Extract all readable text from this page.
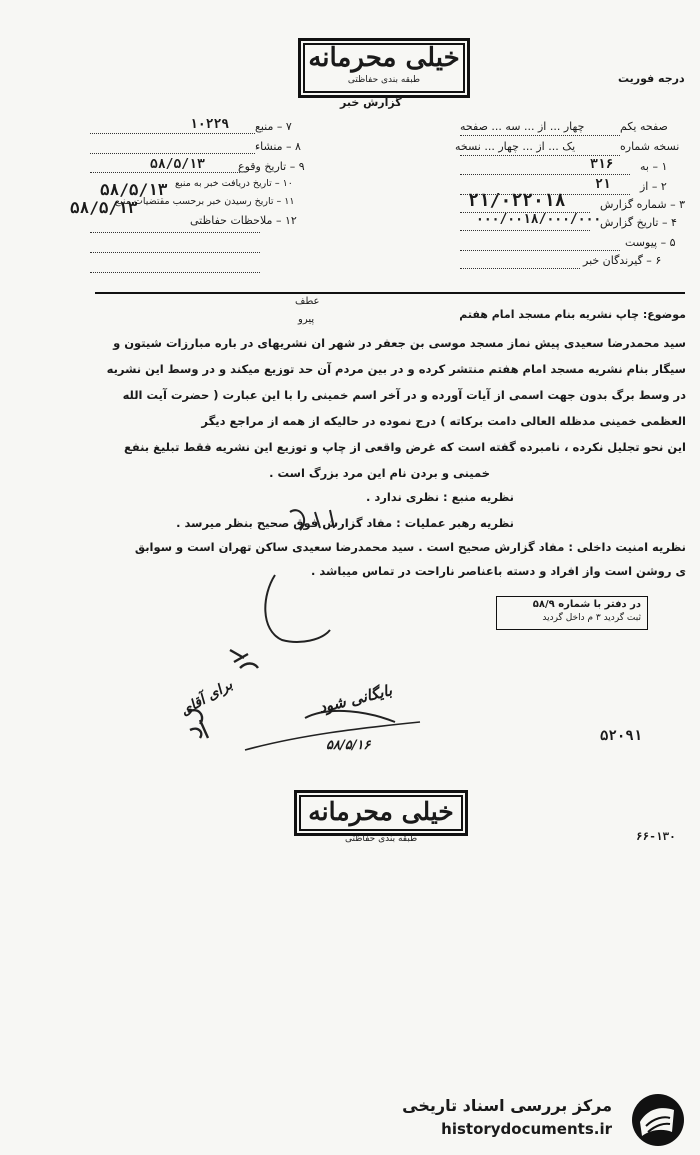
خیلی محرمانه
طبقه بندی حفاظتی
گزارش خبر
درجه فوریت
صفحه یکم
چهار ... از ... سه ... صفحه
نسخه شماره
یک ... از ... چهار ... نسخه
۱ – به
۳۱۶
۲ – از
۲۱
۳ – شماره گزارش
۲۱/۰۲۲۰۱۸
۴ – تاریخ گزارش
۰۰۰/۰۰۱۸/۰۰۰/۰۰۰
۵ – پیوست
۶ – گیرندگان خبر
۷ – منبع
۱۰۲۲۹
۸ – منشاء
۹ – تاریخ وقوع
۵۸/۵/۱۳
۱۰ – تاریخ دریافت خبر به منبع
۵۸/۵/۱۳
۱۱ – تاریخ رسیدن خبر برحسب مقتضیات منبع
۵۸/۵/۱۳
۱۲ – ملاحظات حفاظتی
عطف
پیرو	موضوع: چاپ نشریه بنام مسجد امام هفتم
سید محمدرضا سعیدی پیش نماز مسجد موسی بن جعفر در شهر ان نشریهای در باره مبارزات شیتون و
سیگار بنام نشریه مسجد امام هفتم منتشر کرده و در بین مردم آن حد توزیع میکند و در وسط این نشریه
در وسط برگ بدون جهت اسمی از آیات آورده و در آخر اسم خمینی را با این عبارت ( حضرت آیت الله
العظمی خمینی مدظله العالی دامت برکاته ) درج نموده در حالیکه از همه از مراجع دیگر
این نحو تجلیل نکرده ، نامبرده گفته است که غرض واقعی از چاپ و توزیع این نشریه فقط تبلیغ بنفع
خمینی و بردن نام این مرد بزرگ است .
نظریه منبع : نظری ندارد .
نظریه رهبر عملیات : مفاد گزارش فوق صحیح بنظر میرسد .
نظریه امنیت داخلی : مفاد گزارش صحیح است . سید محمدرضا سعیدی ساکن تهران است و سوابق
ی روشن است واز افراد و دسته باعناصر ناراحت در تماس میباشد .
در دفتر با شماره ۵۸/۹
ثبت گردید ۳ م داخل گردید
بایگانی شود
۵۸/۵/۱۶
برای آقای
۵۲۰۹۱
۶۶-۱۳۰
خیلی محرمانه
طبقه بندی حفاظتی
مرکز بررسی اسناد تاریخی
historydocuments.ir
